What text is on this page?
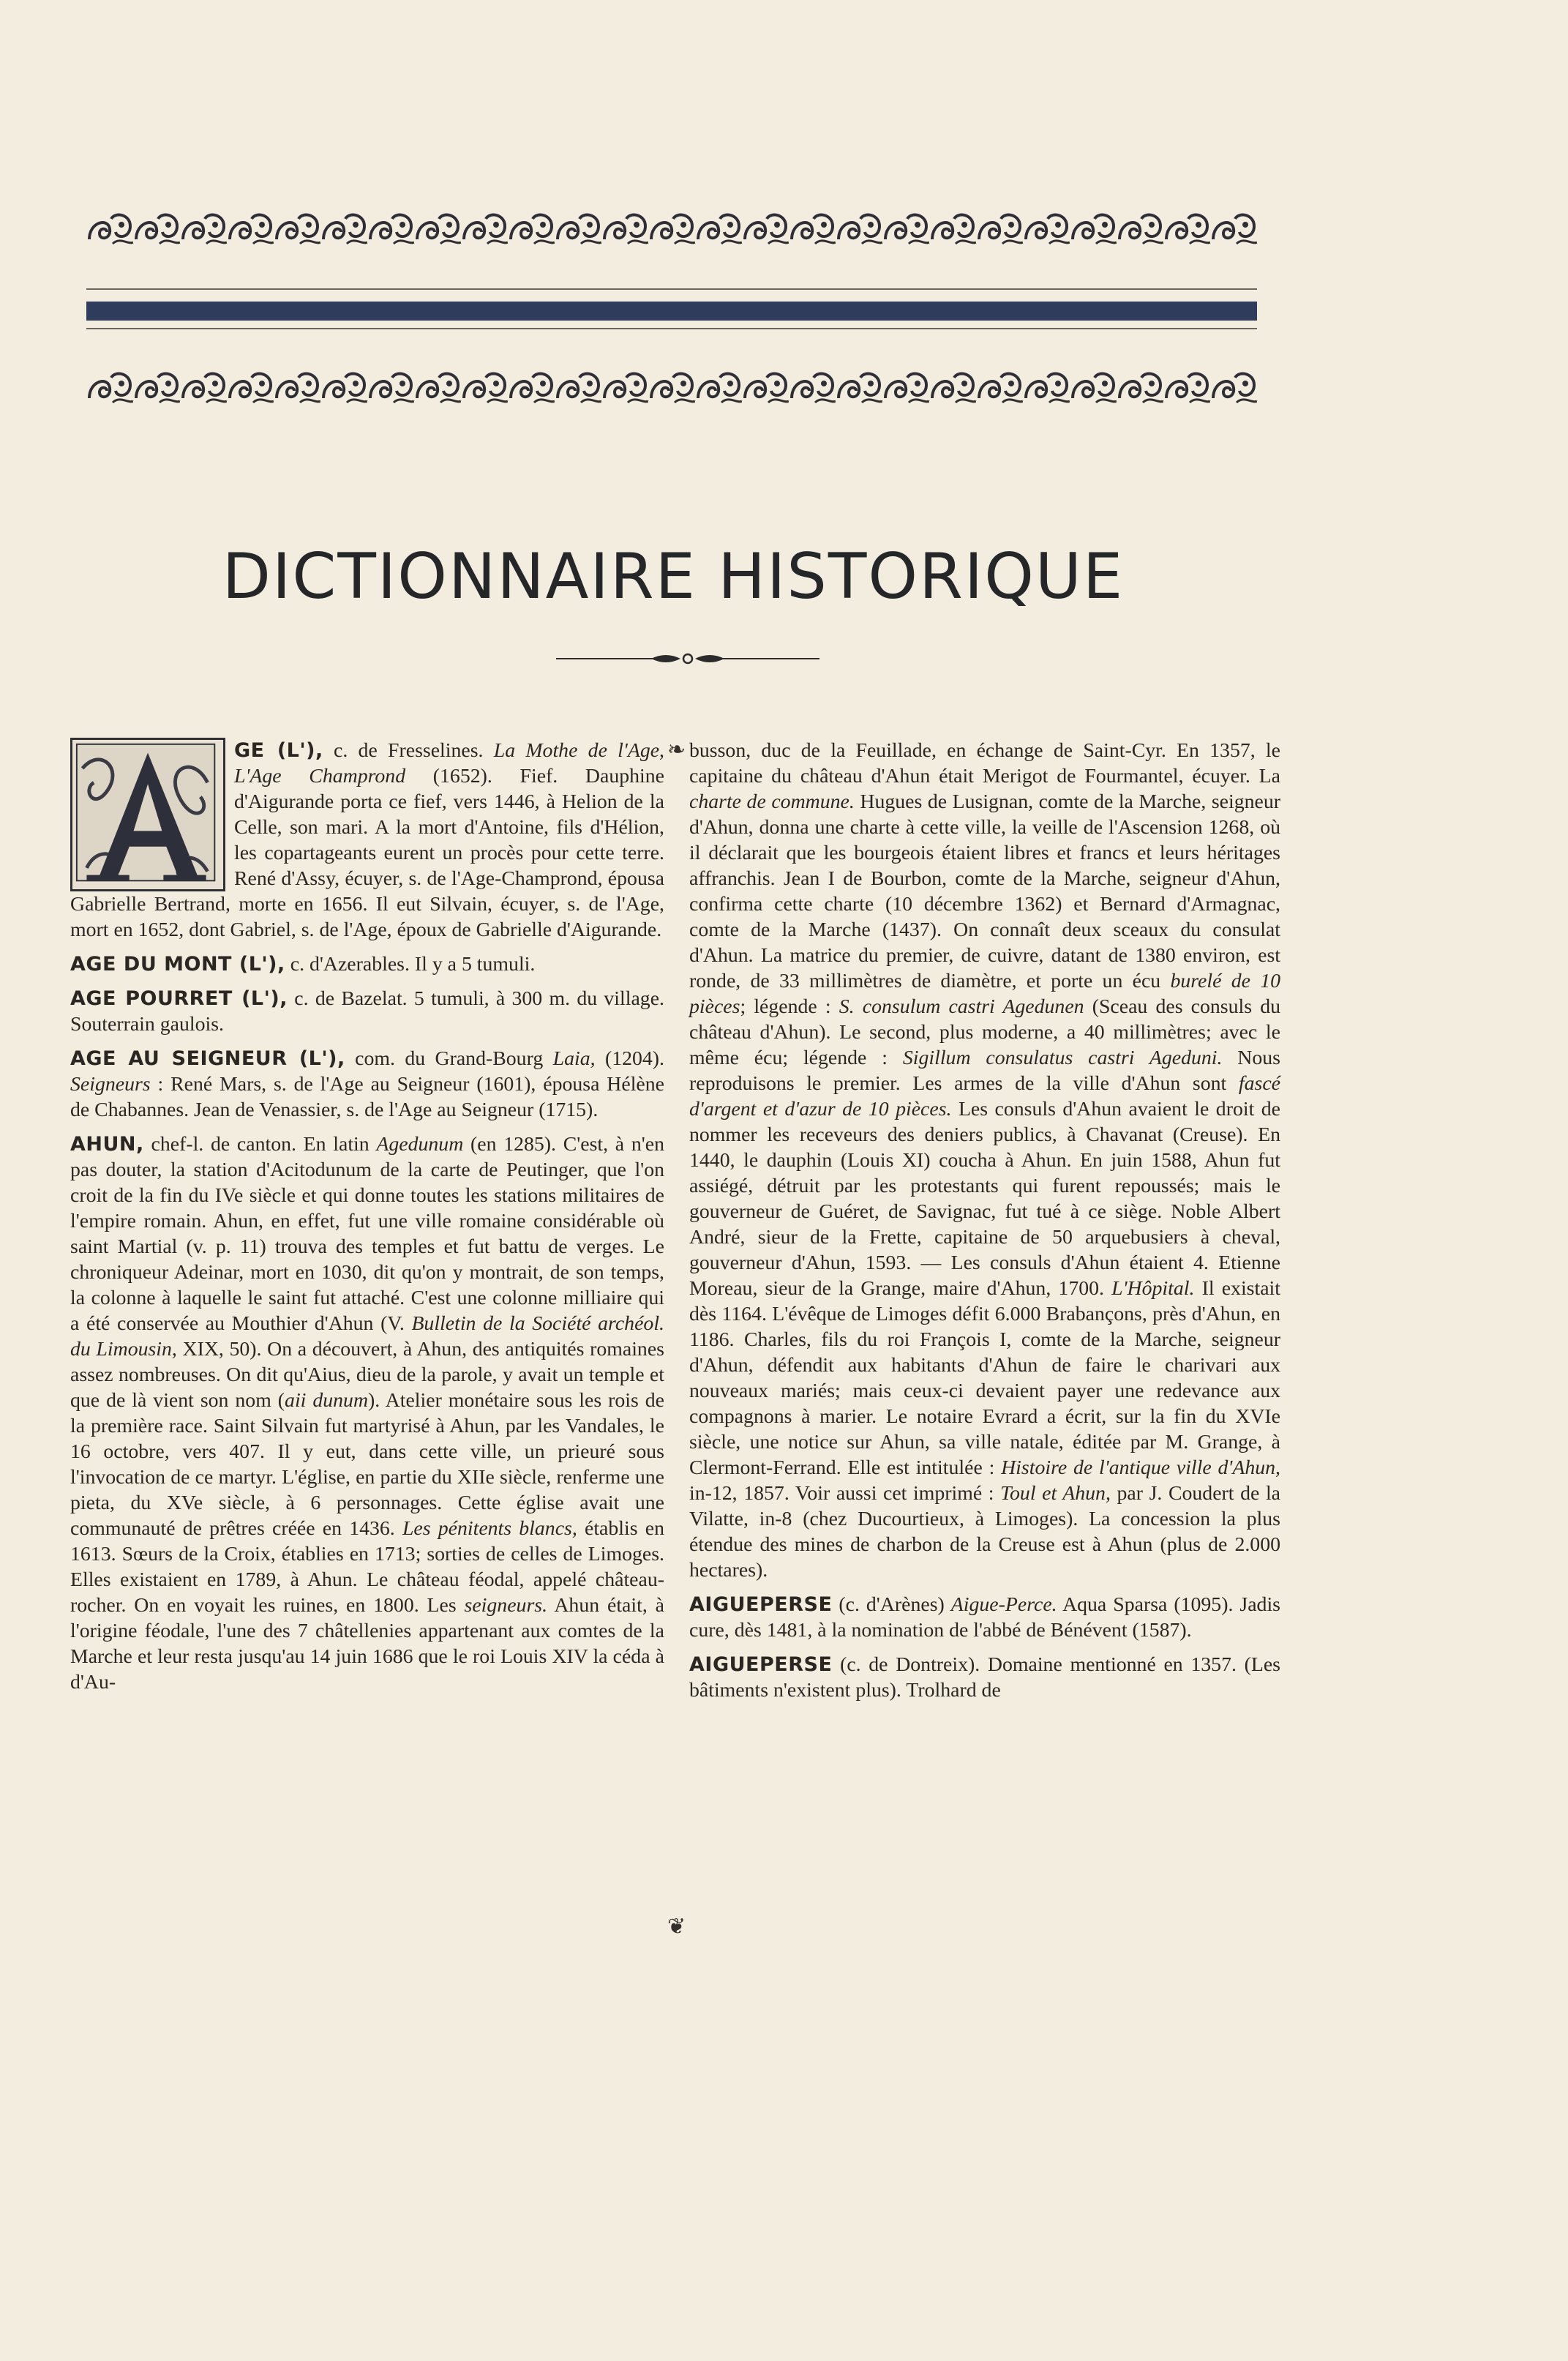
DICTIONNAIRE HISTORIQUE
❧
❦

GE (L'), c. de Fresselines. La Mothe de l'Age, L'Age Champrond (1652). Fief. Dauphine d'Aigurande porta ce fief, vers 1446, à Helion de la Celle, son mari. A la mort d'Antoine, fils d'Hélion, les copartageants eurent un procès pour cette terre. René d'Assy, écuyer, s. de l'Age-Champrond, épousa Gabrielle Bertrand, morte en 1656. Il eut Silvain, écuyer, s. de l'Age, mort en 1652, dont Gabriel, s. de l'Age, époux de Gabrielle d'Aigurande.

AGE DU MONT (L'), c. d'Azerables. Il y a 5 tumuli.

AGE POURRET (L'), c. de Bazelat. 5 tumuli, à 300 m. du village. Souterrain gaulois.

AGE AU SEIGNEUR (L'), com. du Grand-Bourg Laia, (1204). Seigneurs : René Mars, s. de l'Age au Seigneur (1601), épousa Hélène de Chabannes. Jean de Venassier, s. de l'Age au Seigneur (1715).

AHUN, chef-l. de canton. En latin Agedunum (en 1285). C'est, à n'en pas douter, la station d'Acitodunum de la carte de Peutinger, que l'on croit de la fin du IVe siècle et qui donne toutes les stations militaires de l'empire romain. Ahun, en effet, fut une ville romaine considérable où saint Martial (v. p. 11) trouva des temples et fut battu de verges. Le chroniqueur Adeinar, mort en 1030, dit qu'on y montrait, de son temps, la colonne à laquelle le saint fut attaché. C'est une colonne milliaire qui a été conservée au Mouthier d'Ahun (V. Bulletin de la Société archéol. du Limousin, XIX, 50). On a découvert, à Ahun, des antiquités romaines assez nombreuses. On dit qu'Aius, dieu de la parole, y avait un temple et que de là vient son nom (aii dunum). Atelier monétaire sous les rois de la première race. Saint Silvain fut martyrisé à Ahun, par les Vandales, le 16 octobre, vers 407. Il y eut, dans cette ville, un prieuré sous l'invocation de ce martyr. L'église, en partie du XIIe siècle, renferme une pieta, du XVe siècle, à 6 personnages. Cette église avait une communauté de prêtres créée en 1436. Les pénitents blancs, établis en 1613. Sœurs de la Croix, établies en 1713; sorties de celles de Limoges. Elles existaient en 1789, à Ahun. Le château féodal, appelé château-rocher. On en voyait les ruines, en 1800. Les seigneurs. Ahun était, à l'origine féodale, l'une des 7 châtellenies appartenant aux comtes de la Marche et leur resta jusqu'au 14 juin 1686 que le roi Louis XIV la céda à d'Au-

busson, duc de la Feuillade, en échange de Saint-Cyr. En 1357, le capitaine du château d'Ahun était Merigot de Fourmantel, écuyer. La charte de commune. Hugues de Lusignan, comte de la Marche, seigneur d'Ahun, donna une charte à cette ville, la veille de l'Ascension 1268, où il déclarait que les bourgeois étaient libres et francs et leurs héritages affranchis. Jean I de Bourbon, comte de la Marche, seigneur d'Ahun, confirma cette charte (10 décembre 1362) et Bernard d'Armagnac, comte de la Marche (1437). On connaît deux sceaux du consulat d'Ahun. La matrice du premier, de cuivre, datant de 1380 environ, est ronde, de 33 millimètres de diamètre, et porte un écu burelé de 10 pièces; légende : S. consulum castri Agedunen (Sceau des consuls du château d'Ahun). Le second, plus moderne, a 40 millimètres; avec le même écu; légende : Sigillum consulatus castri Ageduni. Nous reproduisons le premier. Les armes de la ville d'Ahun sont fascé d'argent et d'azur de 10 pièces. Les consuls d'Ahun avaient le droit de nommer les receveurs des deniers publics, à Chavanat (Creuse). En 1440, le dauphin (Louis XI) coucha à Ahun. En juin 1588, Ahun fut assiégé, détruit par les protestants qui furent repoussés; mais le gouverneur de Guéret, de Savignac, fut tué à ce siège. Noble Albert André, sieur de la Frette, capitaine de 50 arquebusiers à cheval, gouverneur d'Ahun, 1593. — Les consuls d'Ahun étaient 4. Etienne Moreau, sieur de la Grange, maire d'Ahun, 1700. L'Hôpital. Il existait dès 1164. L'évêque de Limoges défit 6.000 Brabançons, près d'Ahun, en 1186. Charles, fils du roi François I, comte de la Marche, seigneur d'Ahun, défendit aux habitants d'Ahun de faire le charivari aux nouveaux mariés; mais ceux-ci devaient payer une redevance aux compagnons à marier. Le notaire Evrard a écrit, sur la fin du XVIe siècle, une notice sur Ahun, sa ville natale, éditée par M. Grange, à Clermont-Ferrand. Elle est intitulée : Histoire de l'antique ville d'Ahun, in-12, 1857. Voir aussi cet imprimé : Toul et Ahun, par J. Coudert de la Vilatte, in-8 (chez Ducourtieux, à Limoges). La concession la plus étendue des mines de charbon de la Creuse est à Ahun (plus de 2.000 hectares).

AIGUEPERSE (c. d'Arènes) Aigue-Perce. Aqua Sparsa (1095). Jadis cure, dès 1481, à la nomination de l'abbé de Bénévent (1587).

AIGUEPERSE (c. de Dontreix). Domaine mentionné en 1357. (Les bâtiments n'existent plus). Trolhard de
